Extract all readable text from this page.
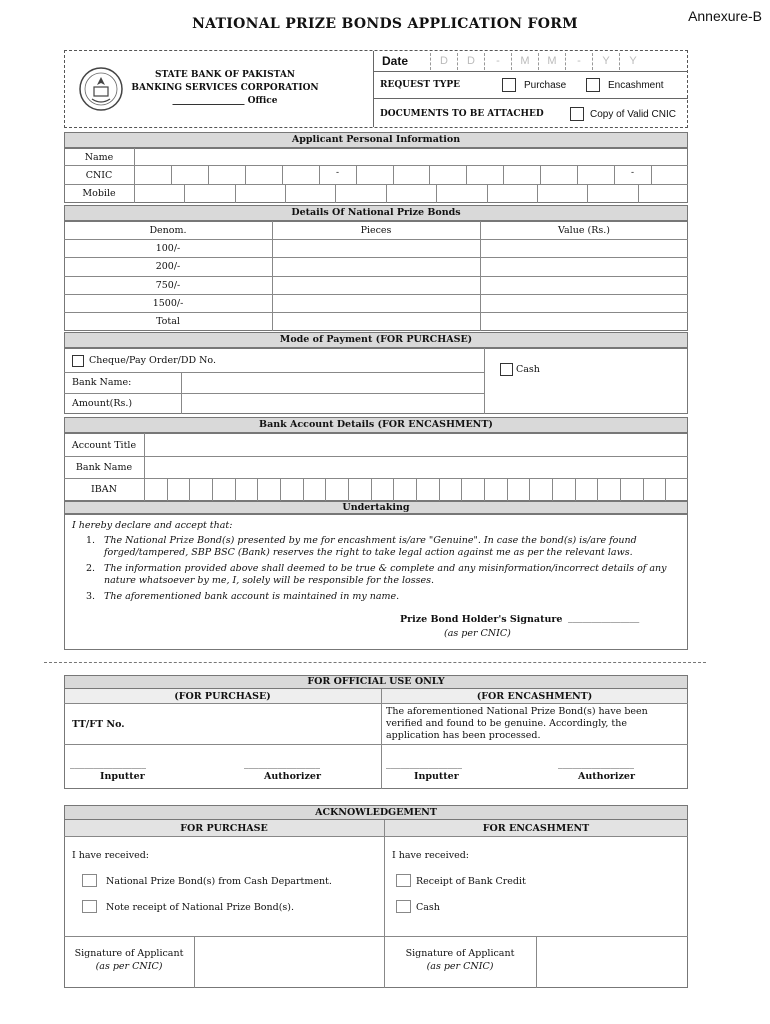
Annexure-B
NATIONAL PRIZE BONDS APPLICATION FORM
STATE BANK OF PAKISTAN
BANKING SERVICES CORPORATION
________________ Office
Date	D	D	-	M	M	-	Y	Y
REQUEST TYPE	Purchase	Encashment
DOCUMENTS TO BE ATTACHED	Copy of Valid CNIC
Applicant Personal Information
Name
CNIC	-	-
Mobile
Details Of National Prize Bonds
Denom.	Pieces	Value (Rs.)
100/-
200/-
750/-
1500/-
Total
Mode of Payment (FOR PURCHASE)
Cheque/Pay Order/DD No.
Cash
Bank Name:
Amount(Rs.)
Bank Account Details (FOR ENCASHMENT)
Account Title
Bank Name
IBAN
Undertaking
I hereby declare and accept that:
1. The National Prize Bond(s) presented by me for encashment is/are "Genuine". In case the bond(s) is/are found forged/tampered, SBP BSC (Bank) reserves the right to take legal action against me as per the relevant laws.
2. The information provided above shall deemed to be true & complete and any misinformation/incorrect details of any nature whatsoever by me, I, solely will be responsible for the losses.
3. The aforementioned bank account is maintained in my name.
Prize Bond Holder's Signature _______________
(as per CNIC)
FOR OFFICIAL USE ONLY
(FOR PURCHASE)	(FOR ENCASHMENT)
TT/FT No.
The aforementioned National Prize Bond(s) have been verified and found to be genuine. Accordingly, the application has been processed.
________________
Inputter
________________
Authorizer
________________
Inputter
________________
Authorizer
ACKNOWLEDGEMENT
FOR PURCHASE	FOR ENCASHMENT
I have received:
National Prize Bond(s) from Cash Department.
Note receipt of National Prize Bond(s).
I have received:
Receipt of Bank Credit
Cash
Signature of Applicant
(as per CNIC)
Signature of Applicant
(as per CNIC)
